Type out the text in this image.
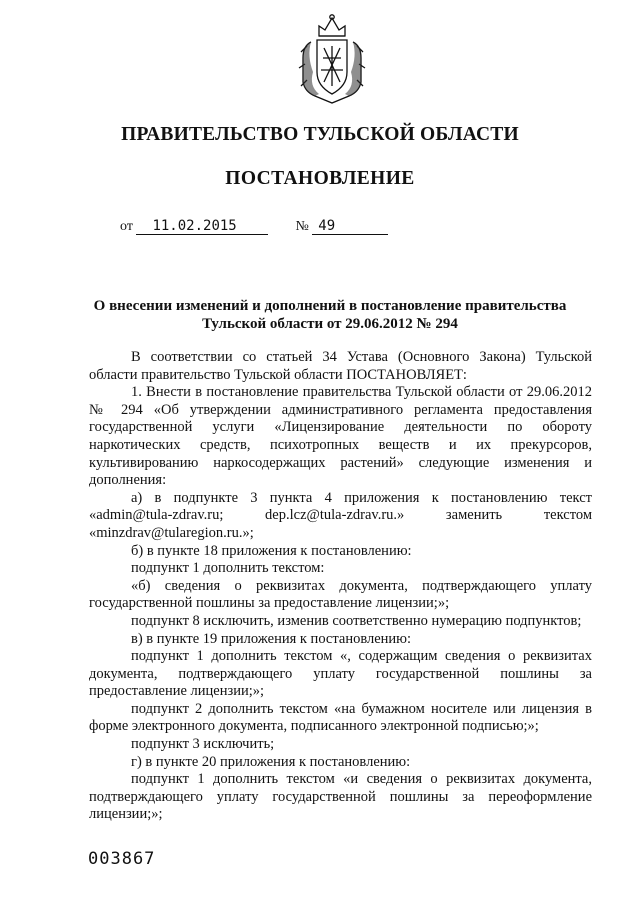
ПРАВИТЕЛЬСТВО ТУЛЬСКОЙ ОБЛАСТИ
ПОСТАНОВЛЕНИЕ
от 11.02.2015	№ 49
О внесении изменений и дополнений в постановление правительства
Тульской области от 29.06.2012 № 294

В соответствии со статьей 34 Устава (Основного Закона) Тульской области правительство Тульской области ПОСТАНОВЛЯЕТ:

1. Внести в постановление правительства Тульской области от 29.06.2012 № 294 «Об утверждении административного регламента предоставления государственной услуги «Лицензирование деятельности по обороту наркотических средств, психотропных веществ и их прекурсоров, культивированию наркосодержащих растений» следующие изменения и дополнения:

а) в подпункте 3 пункта 4 приложения к постановлению текст «admin@tula-zdrav.ru; dep.lcz@tula-zdrav.ru.» заменить текстом «minzdrav@tularegion.ru.»;

б) в пункте 18 приложения к постановлению:

подпункт 1 дополнить текстом:

«б) сведения о реквизитах документа, подтверждающего уплату государственной пошлины за предоставление лицензии;»;

подпункт 8 исключить, изменив соответственно нумерацию подпунктов;

в) в пункте 19 приложения к постановлению:

подпункт 1 дополнить текстом «, содержащим сведения о реквизитах документа, подтверждающего уплату государственной пошлины за предоставление лицензии;»;

подпункт 2 дополнить текстом «на бумажном носителе или лицензия в форме электронного документа, подписанного электронной подписью;»;

подпункт 3 исключить;

г) в пункте 20 приложения к постановлению:

подпункт 1 дополнить текстом «и сведения о реквизитах документа, подтверждающего уплату государственной пошлины за переоформление лицензии;»;

003867
